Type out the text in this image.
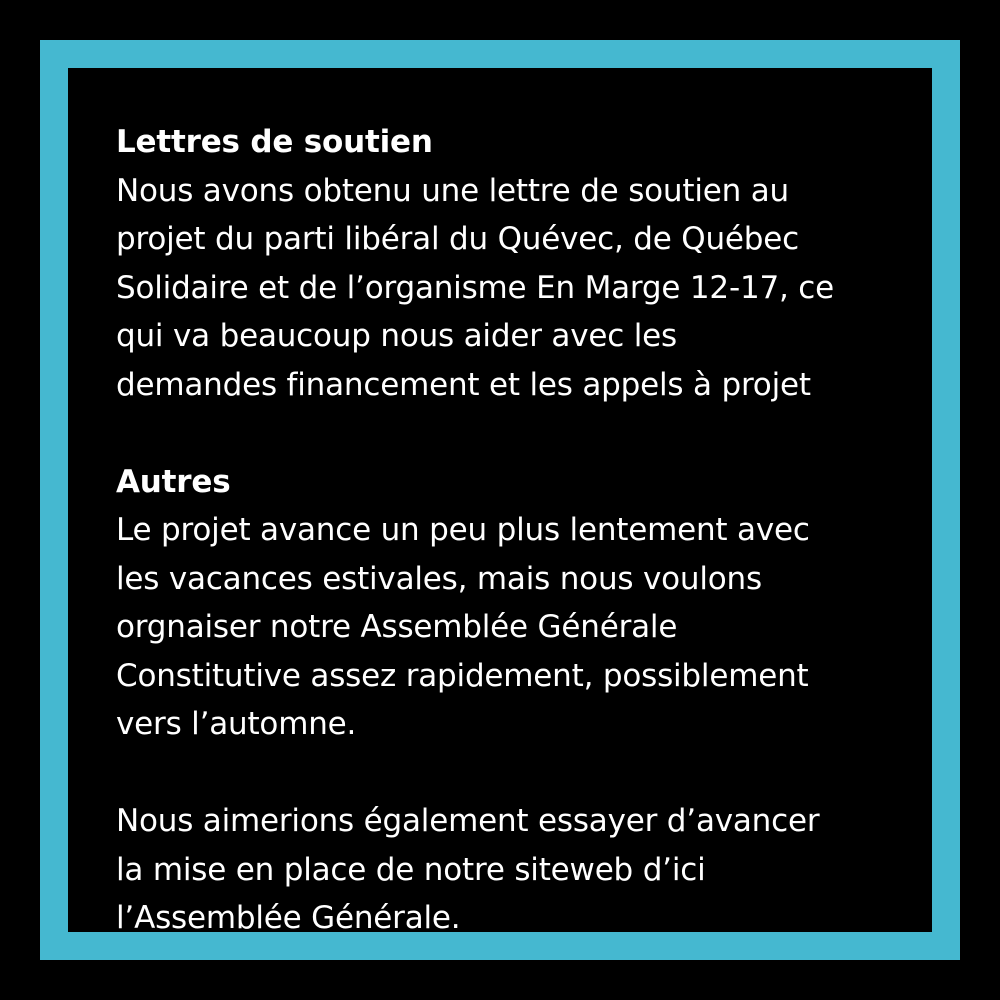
Lettres de soutien

Nous avons obtenu une lettre de soutien au

projet du parti libéral du Quévec, de Québec

Solidaire et de l’organisme En Marge 12-17, ce

qui va beaucoup nous aider avec les

demandes financement et les appels à projet

Autres

Le projet avance un peu plus lentement avec

les vacances estivales, mais nous voulons

orgnaiser notre Assemblée Générale

Constitutive assez rapidement, possiblement

vers l’automne.

Nous aimerions également essayer d’avancer

la mise en place de notre siteweb d’ici

l’Assemblée Générale.
